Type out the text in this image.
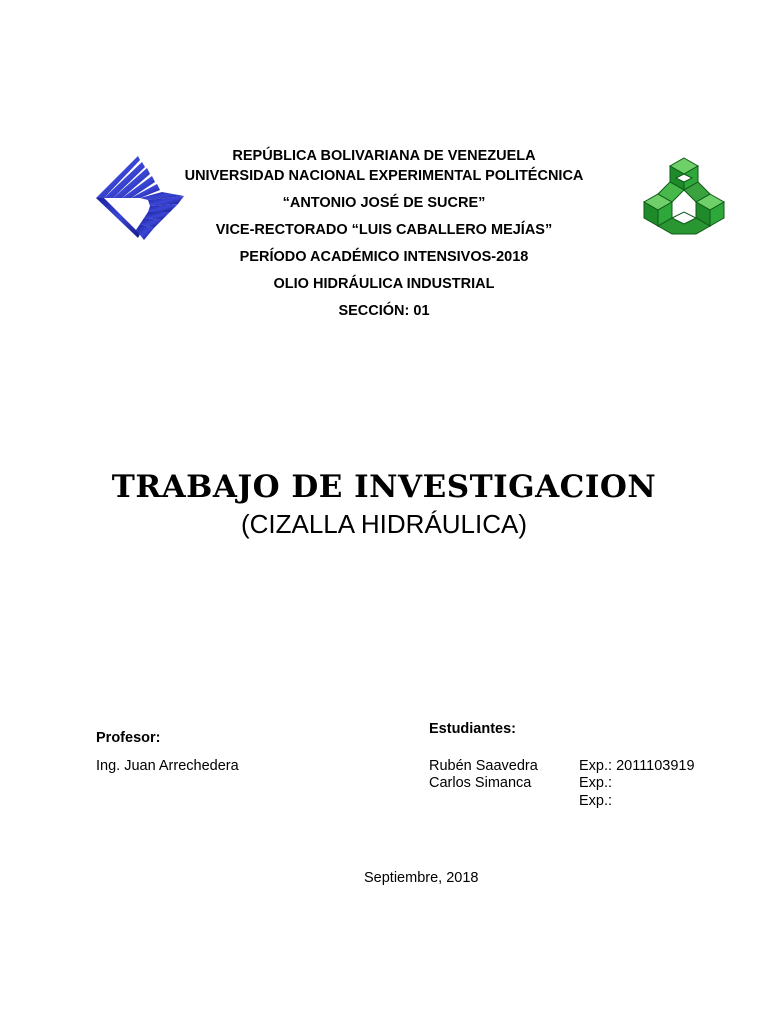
REPÚBLICA BOLIVARIANA DE VENEZUELA
UNIVERSIDAD NACIONAL EXPERIMENTAL POLITÉCNICA
“ANTONIO JOSÉ DE SUCRE”
VICE-RECTORADO “LUIS CABALLERO MEJÍAS”
PERÍODO ACADÉMICO INTENSIVOS-2018
OLIO HIDRÁULICA INDUSTRIAL
SECCIÓN: 01
TRABAJO DE INVESTIGACION
(CIZALLA HIDRÁULICA)
Profesor:
Ing. Juan Arrechedera
Estudiantes:
Rubén Saavedra	Exp.: 2011103919
Carlos Simanca	Exp.:
Exp.:
Septiembre, 2018
